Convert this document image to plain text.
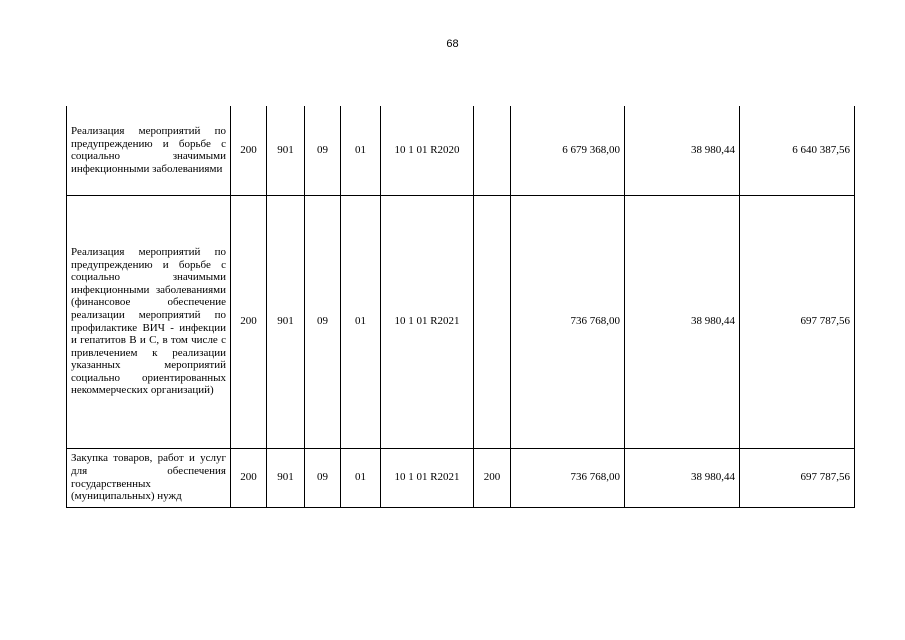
68
Реализация мероприятий по предупреждению и борьбе с социально значимыми инфекционными заболеваниями	200	901	09	01	10 1 01 R2020		6 679 368,00	38 980,44	6 640 387,56
Реализация мероприятий по предупреждению и борьбе с социально значимыми инфекционными заболеваниями (финансовое обеспечение реализации мероприятий по профилактике ВИЧ - инфекции и гепатитов В и С, в том числе с привлечением к реализации указанных мероприятий социально ориентированных некоммерческих организаций)	200	901	09	01	10 1 01 R2021		736 768,00	38 980,44	697 787,56
Закупка товаров, работ и услуг для обеспечения государственных (муниципальных) нужд	200	901	09	01	10 1 01 R2021	200	736 768,00	38 980,44	697 787,56
